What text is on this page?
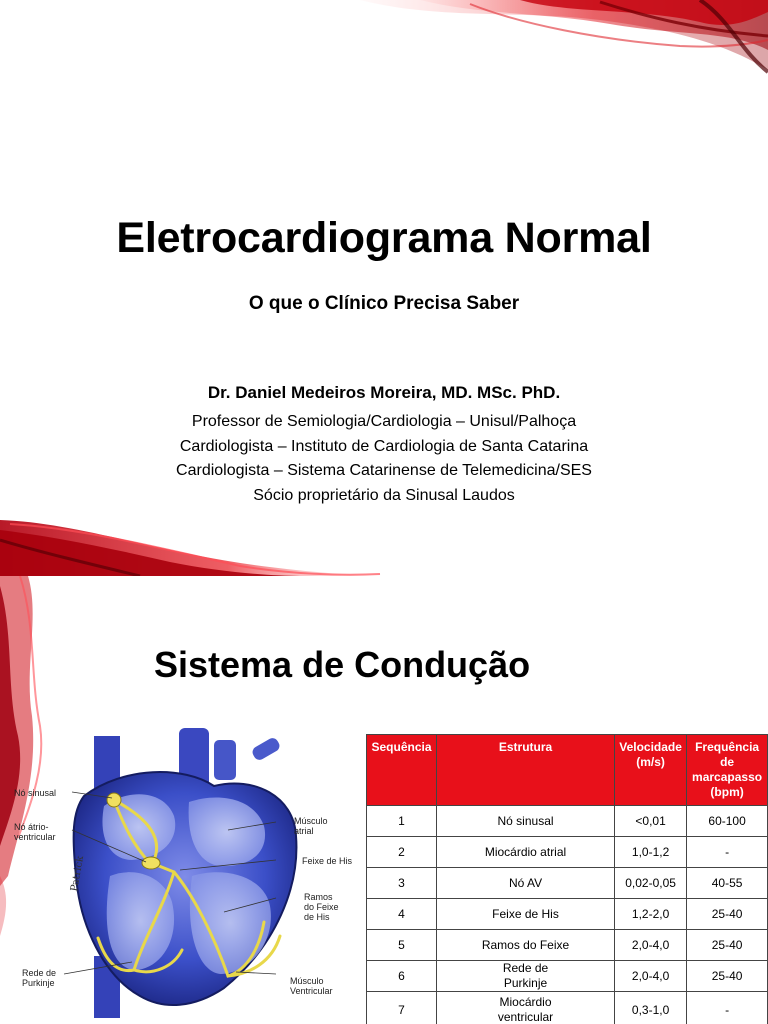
Eletrocardiograma Normal
O que o Clínico Precisa Saber
Dr. Daniel Medeiros Moreira, MD. MSc. PhD.
Professor de Semiologia/Cardiologia – Unisul/Palhoça
Cardiologista – Instituto de Cardiologia de Santa Catarina
Cardiologista – Sistema Catarinense de Telemedicina/SES
Sócio proprietário da Sinusal Laudos
Sistema de Condução
Patrick
Nó sinusal
Nó átrio-
ventricular
Músculo
atrial
Feixe de His
Ramos
do Feixe
de His
Rede de
Purkinje	Músculo
Ventricular
Sequência	Estrutura	Velocidade (m/s)	Frequência de marcapasso (bpm)
1	Nó sinusal	<0,01	60-100
2	Miocárdio atrial	1,0-1,2	-
3	Nó AV	0,02-0,05	40-55
4	Feixe de His	1,2-2,0	25-40
5	Ramos do Feixe	2,0-4,0	25-40
6	Rede de Purkinje	2,0-4,0	25-40
7	Miocárdio ventricular	0,3-1,0	-
